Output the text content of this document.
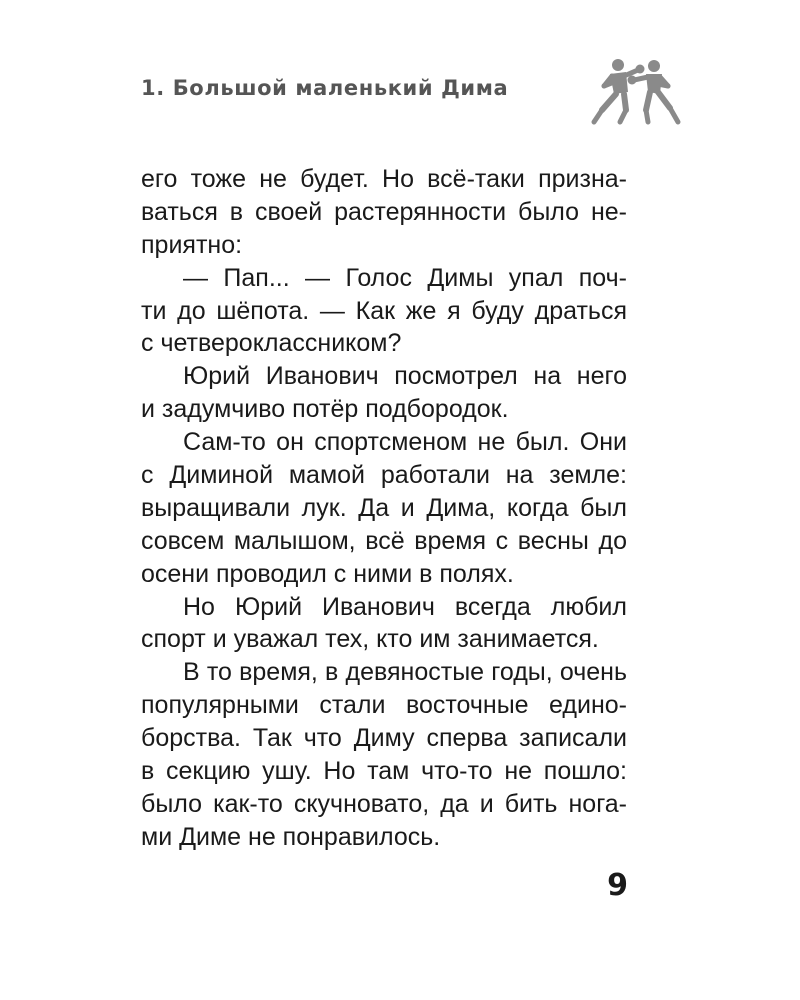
1. Большой маленький Дима
его тоже не будет. Но всё-таки призна-
ваться в своей растерянности было не-
приятно:
— Пап... — Голос Димы упал поч-
ти до шёпота. — Как же я буду драться
с четвероклассником?
Юрий Иванович посмотрел на него
и задумчиво потёр подбородок.
Сам-то он спортсменом не был. Они
с Диминой мамой работали на земле:
выращивали лук. Да и Дима, когда был
совсем малышом, всё время с весны до
осени проводил с ними в полях.
Но Юрий Иванович всегда любил
спорт и уважал тех, кто им занимается.
В то время, в девяностые годы, очень
популярными стали восточные едино-
борства. Так что Диму сперва записали
в секцию ушу. Но там что-то не пошло:
было как-то скучновато, да и бить нога-
ми Диме не понравилось.
9
